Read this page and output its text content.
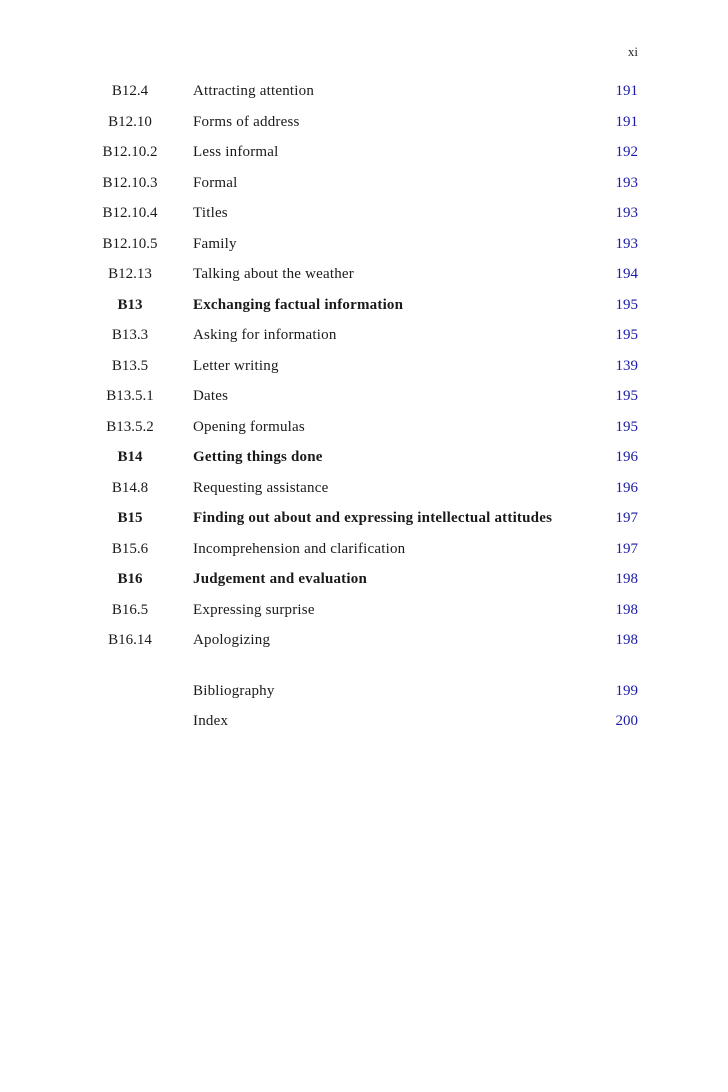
xi
B12.4	Attracting attention	191
B12.10	Forms of address	191
B12.10.2	Less informal	192
B12.10.3	Formal	193
B12.10.4	Titles	193
B12.10.5	Family	193
B12.13	Talking about the weather	194
B13	Exchanging factual information	195
B13.3	Asking for information	195
B13.5	Letter writing	139
B13.5.1	Dates	195
B13.5.2	Opening formulas	195
B14	Getting things done	196
B14.8	Requesting assistance	196
B15	Finding out about and expressing intellectual attitudes	197
B15.6	Incomprehension and clarification	197
B16	Judgement and evaluation	198
B16.5	Expressing surprise	198
B16.14	Apologizing	198
Bibliography	199
Index	200
